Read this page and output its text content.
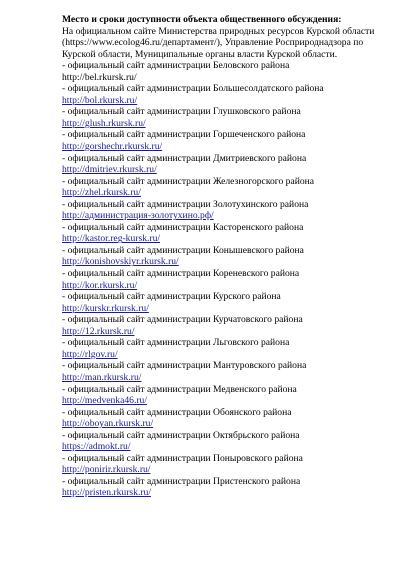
Место и сроки доступности объекта общественного обсуждения:

На официальном сайте Министерства природных ресурсов Курской области (https://www.ecolog46.ru/департамент/), Управление Росприроднадзора по Курской области, Муниципальные органы власти Курской области.

- официальный сайт администрации Беловского района
http://bel.rkursk.ru/
- официальный сайт администрации Большесолдатского района
http://bol.rkursk.ru/
- официальный сайт администрации Глушковского района
http://glush.rkursk.ru/
- официальный сайт администрации Горшеченского района
http://gorshechr.rkursk.ru/
- официальный сайт администрации Дмитриевского района
http://dmitriev.rkursk.ru/
- официальный сайт администрации Железногорского района
http://zhel.rkursk.ru/
- официальный сайт администрации Золотухинского района
http://администрация-золотухино.рф/
- официальный сайт администрации Касторенского района
http://kastor.reg-kursk.ru/
- официальный сайт администрации Конышевского района
http://konishovskiyr.rkursk.ru/
- официальный сайт администрации Кореневского района
http://kor.rkursk.ru/
- официальный сайт администрации Курского района
http://kurskr.rkursk.ru/
- официальный сайт администрации Курчатовского района
http://12.rkursk.ru/
- официальный сайт администрации Льговского района
http://rlgov.ru/
- официальный сайт администрации Мантуровского района
http://man.rkursk.ru/
- официальный сайт администрации Медвенского района
http://medvenka46.ru/
- официальный сайт администрации Обоянского района
http://oboyan.rkursk.ru/
- официальный сайт администрации Октябрьского района
https://admokt.ru/
- официальный сайт администрации Поныровского района
http://ponirir.rkursk.ru/
- официальный сайт администрации Пристенского района
http://pristen.rkursk.ru/
